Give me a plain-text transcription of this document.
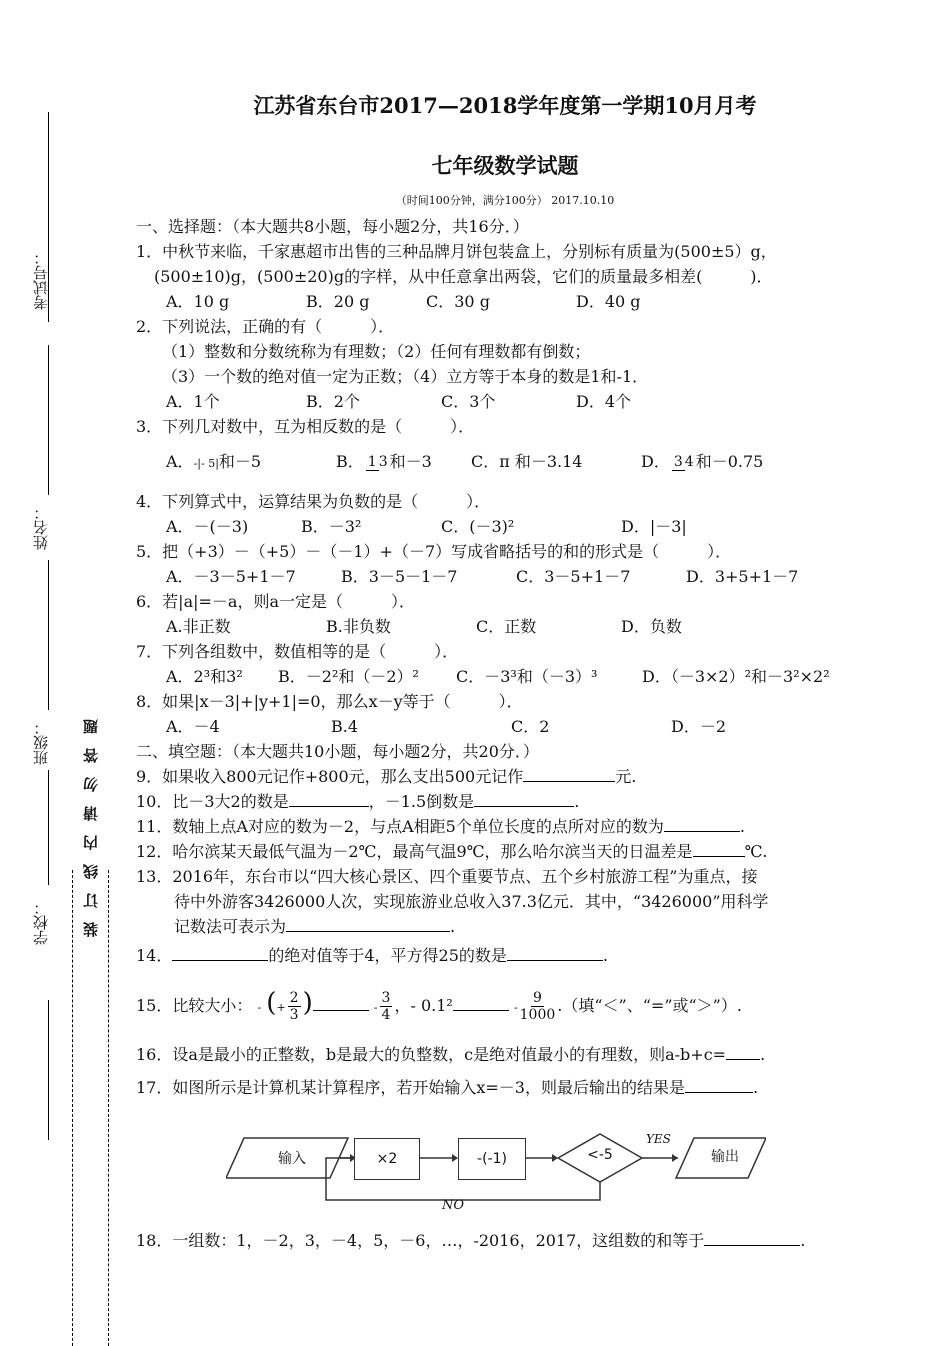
考试号：
姓名：
班级：
学校： 装订线内请勿答题
江苏省东台市2017—2018学年度第一学期10月月考
七年级数学试题
（时间100分钟，满分100分） 2017.10.10
一、选择题：（本大题共8小题，每小题2分，共16分．）
1．中秋节来临，千家惠超市出售的三种品牌月饼包装盒上，分别标有质量为(500±5）g，
(500±10)g，(500±20)g的字样，从中任意拿出两袋，它们的质量最多相差(　　　)．
A．10 g	B．20 g	C．30 g	D．40 g
2．下列说法，正确的有（　　　）．
（1）整数和分数统称为有理数；（2）任何有理数都有倒数；
（3）一个数的绝对值一定为正数；（4）立方等于本身的数是1和-1．
A．1个	B．2个	C．3个	D．4个
3．下列几对数中，互为相反数的是（　　　）．
A．-|- 5|和－5	B． 1 3 和－3	C．π 和－3.14	D． 3 4 和－0.75
4．下列算式中，运算结果为负数的是（　　　）．
A．－(－3)	B．－3²	C．(－3)²	D．|－3|
5．把（+3）－（+5）－（－1）+（－7）写成省略括号的和的形式是（　　　）．
A．－3－5+1－7	B．3－5－1－7	C．3－5+1－7	D．3+5+1－7
6．若|a|=－a，则a一定是（　　　）．
A.非正数	B.非负数	C．正数	D．负数
7．下列各组数中，数值相等的是（　　　）．
A．2³和3²	B．－2²和（－2）²	C．－3³和（－3）³	D．（－3×2）²和－3²×2²
8．如果|x－3|+|y+1|=0，那么x－y等于（　　　）．
A．－4	B.4	C．2	D．－2
二、填空题：（本大题共10小题，每小题2分，共20分．）
9．如果收入800元记作+800元，那么支出500元记作	元.
10．比－3大2的数是	，－1.5倒数是	.
11．数轴上点A对应的数为－2，与点A相距5个单位长度的点所对应的数为	.
12．哈尔滨某天最低气温为－2℃，最高气温9℃，那么哈尔滨当天的日温差是	℃.
13．2016年，东台市以“四大核心景区、四个重要节点、五个乡村旅游工程”为重点，接
待中外游客3426000人次，实现旅游业总收入37.3亿元．其中，“3426000”用科学
记数法可表示为	.
14．	的绝对值等于4，平方得25的数是	.
15．比较大小： - (+ $\frac{2}{3}$ )	- $\frac{3}{4}$ ，- 0.1²	- $\frac{9}{1000}$ .（填“＜”、“=”或“＞”）.
16．设a是最小的正整数，b是最大的负整数，c是绝对值最小的有理数，则a-b+c= .
17．如图所示是计算机某计算程序，若开始输入x=－3，则最后输出的结果是	.
输入	×2	-(-1)	<-5	输出
YES
NO
18．一组数：1，－2，3，－4，5，－6，…，-2016，2017，这组数的和等于	.
